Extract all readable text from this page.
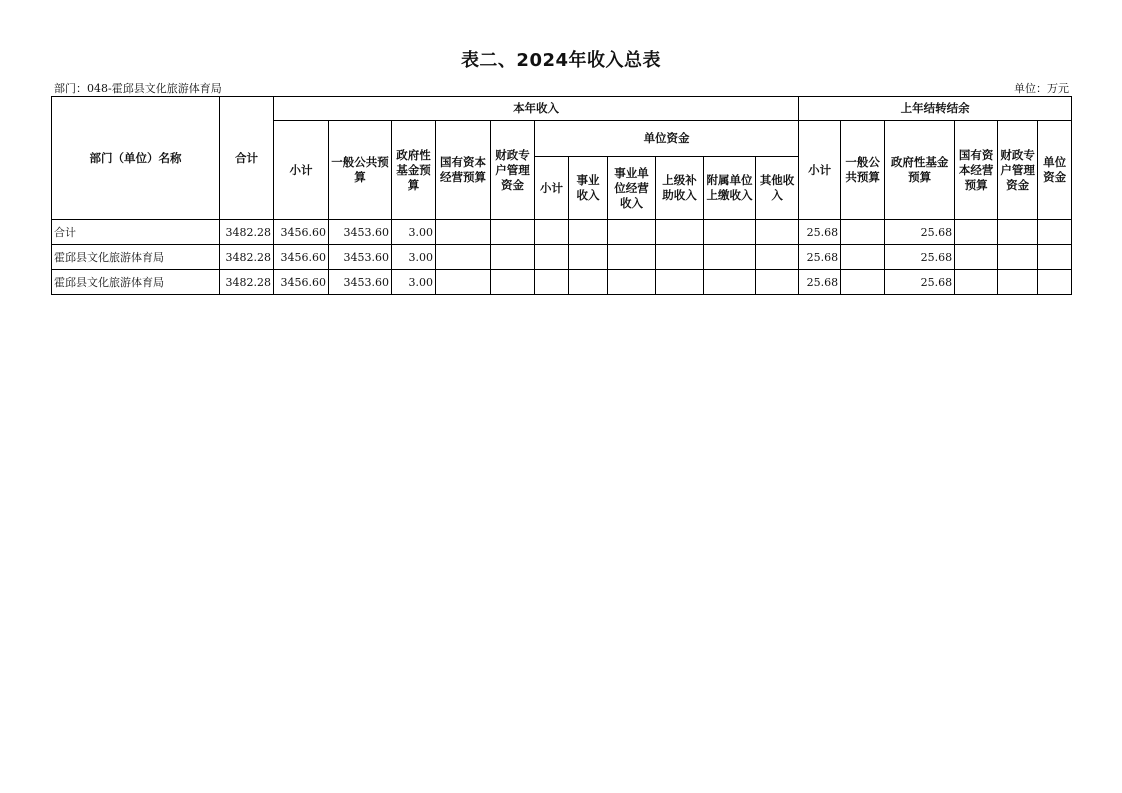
表二、2024年收入总表
部门：048-霍邱县文化旅游体育局	单位：万元
部门（单位）名称	合计	本年收入											上年结转结余					
		小计	一般公共预算	政府性基金预算	国有资本经营预算	财政专户管理资金	单位资金						小计	一般公共预算	政府性基金预算	国有资本经营预算	财政专户管理资金	单位资金
							小计	事业收入	事业单位经营收入	上级补助收入	附属单位上缴收入	其他收入						
合计	3482.28	3456.60	3453.60	3.00									25.68		25.68			
霍邱县文化旅游体育局	3482.28	3456.60	3453.60	3.00									25.68		25.68			
霍邱县文化旅游体育局	3482.28	3456.60	3453.60	3.00									25.68		25.68			
